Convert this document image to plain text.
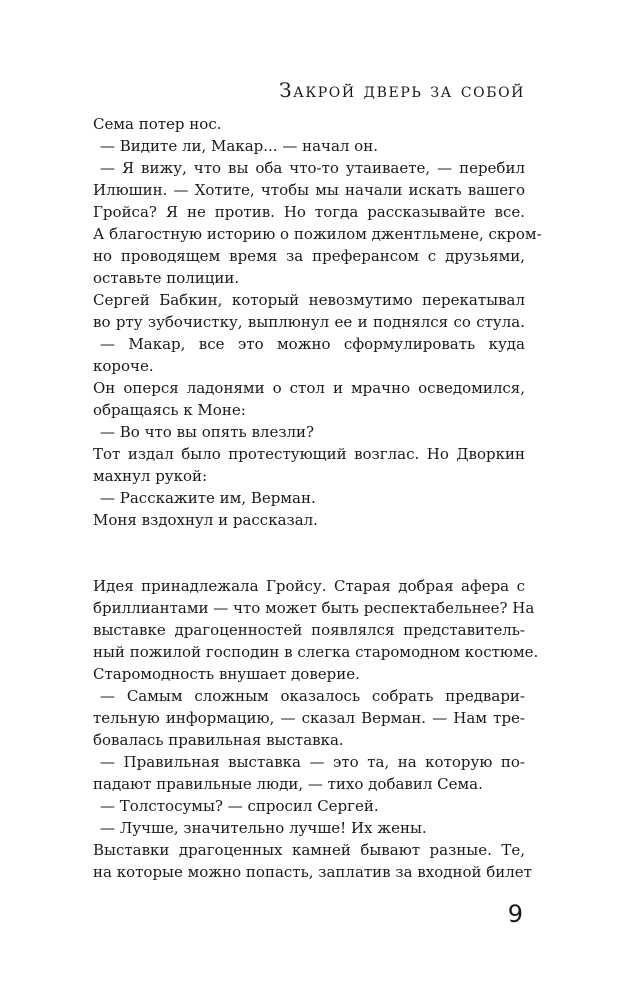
Закрой дверь за собой
Сема потер нос.
— Видите ли, Макар... — начал он.
— Я вижу, что вы оба что-то утаиваете, — перебил
Илюшин. — Хотите, чтобы мы начали искать вашего
Гройса? Я не против. Но тогда рассказывайте все.
А благостную историю о пожилом джентльмене, скром-
но проводящем время за преферансом с друзьями,
оставьте полиции.
Сергей Бабкин, который невозмутимо перекатывал
во рту зубочистку, выплюнул ее и поднялся со стула.
— Макар, все это можно сформулировать куда
короче.
Он оперся ладонями о стол и мрачно осведомился,
обращаясь к Моне:
— Во что вы опять влезли?
Тот издал было протестующий возглас. Но Дворкин
махнул рукой:
— Расскажите им, Верман.
Моня вздохнул и рассказал.
Идея принадлежала Гройсу. Старая добрая афера с
бриллиантами — что может быть респектабельнее? На
выставке драгоценностей появлялся представитель-
ный пожилой господин в слегка старомодном костюме.
Старомодность внушает доверие.
— Самым сложным оказалось собрать предвари-
тельную информацию, — сказал Верман. — Нам тре-
бовалась правильная выставка.
— Правильная выставка — это та, на которую по-
падают правильные люди, — тихо добавил Сема.
— Толстосумы? — спросил Сергей.
— Лучше, значительно лучше! Их жены.
Выставки драгоценных камней бывают разные. Те,
на которые можно попасть, заплатив за входной билет
9
